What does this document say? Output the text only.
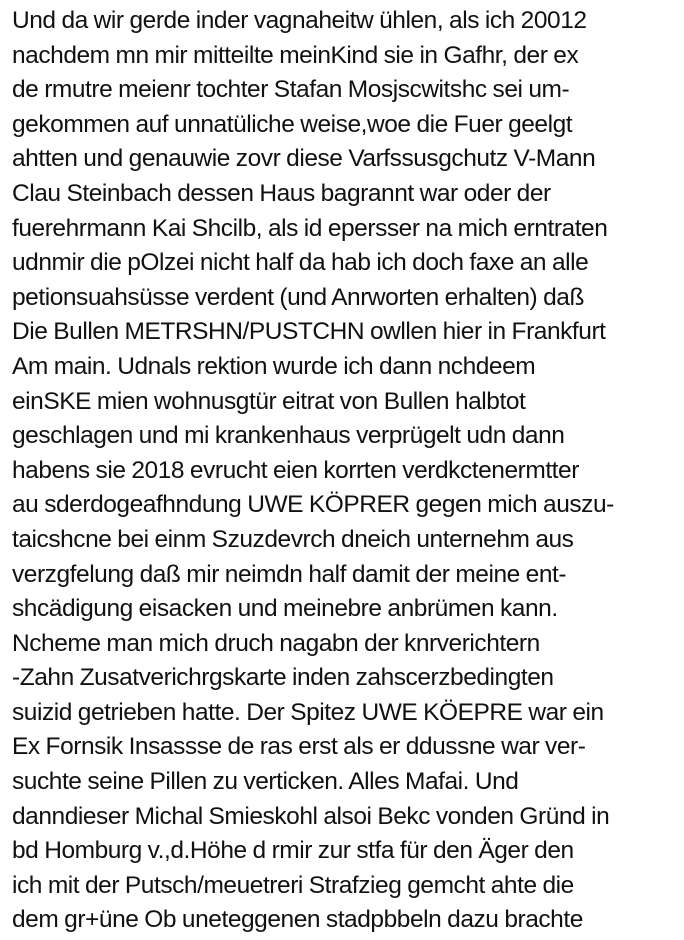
Und da wir gerde inder vagnaheitw ühlen, als ich 20012
nachdem mn mir mitteilte meinKind sie in Gafhr, der ex
de rmutre meienr tochter Stafan Mosjscwitshc sei um-
gekommen auf unnatüliche weise,woe die Fuer geelgt
ahtten und genauwie zovr diese Varfssusgchutz V-Mann
Clau Steinbach dessen Haus bagrannt war oder der
fuerehrmann Kai Shcilb, als id epersser na mich erntraten
udnmir die pOlzei nicht half da hab ich doch faxe an alle
petionsuahsüsse verdent (und Anrworten erhalten) daß
Die Bullen METRSHN/PUSTCHN owllen hier in Frankfurt
Am main. Udnals rektion wurde ich dann nchdeem
einSKE mien wohnusgtür eitrat von Bullen halbtot
geschlagen und mi krankenhaus verprügelt udn dann
habens sie 2018 evrucht eien korrten verdkctenermtter
au sderdogeafhndung UWE KÖPRER gegen mich auszu-
taicshcne bei einm Szuzdevrch dneich unternehm aus
verzgfelung daß mir neimdn half damit der meine ent-
shcädigung eisacken und meinebre anbrümen kann.
Ncheme man mich druch nagabn der knrverichtern
-Zahn Zusatverichrgskarte inden zahscerzbedingten
suizid getrieben hatte. Der Spitez UWE KÖEPRE war ein
Ex Fornsik Insassse de ras erst als er ddussne war ver-
suchte seine Pillen zu verticken. Alles Mafai. Und
danndieser Michal Smieskohl alsoi Bekc vonden Gründ in
bd Homburg v.,d.Höhe d rmir zur stfa für den Äger den
ich mit der Putsch/meuetreri Strafzieg gemcht ahte die
dem gr+üne Ob uneteggenen stadpbbeln dazu brachte
